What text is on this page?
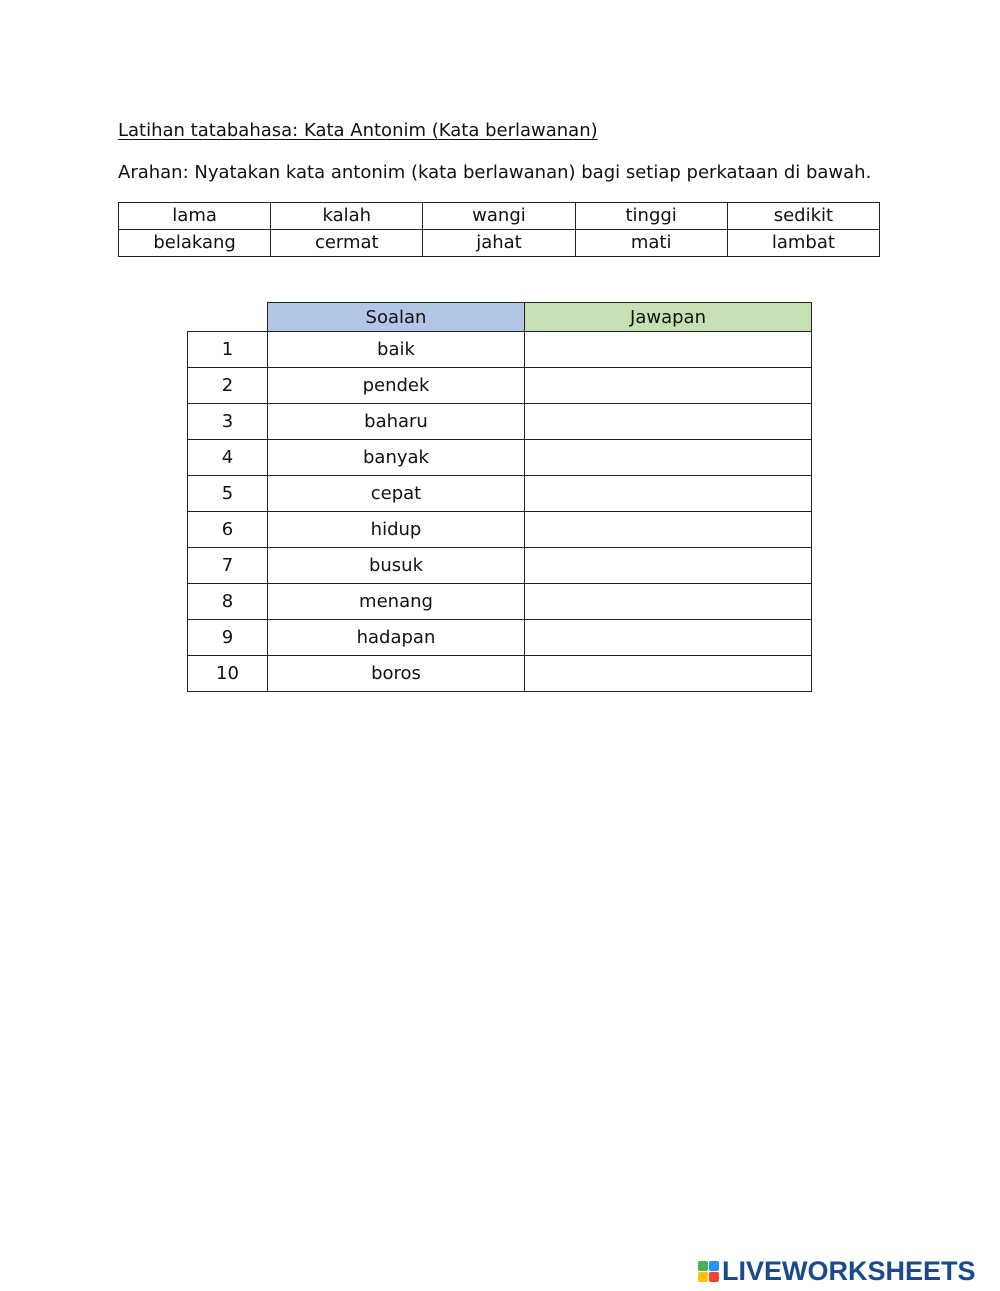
Latihan tatabahasa: Kata Antonim (Kata berlawanan)
Arahan: Nyatakan kata antonim (kata berlawanan) bagi setiap perkataan di bawah.
lama	kalah	wangi	tinggi	sedikit
belakang	cermat	jahat	mati	lambat
	Soalan	Jawapan
1	baik	
2	pendek	
3	baharu	
4	banyak	
5	cepat	
6	hidup	
7	busuk	
8	menang	
9	hadapan	
10	boros	
LIVEWORKSHEETS
